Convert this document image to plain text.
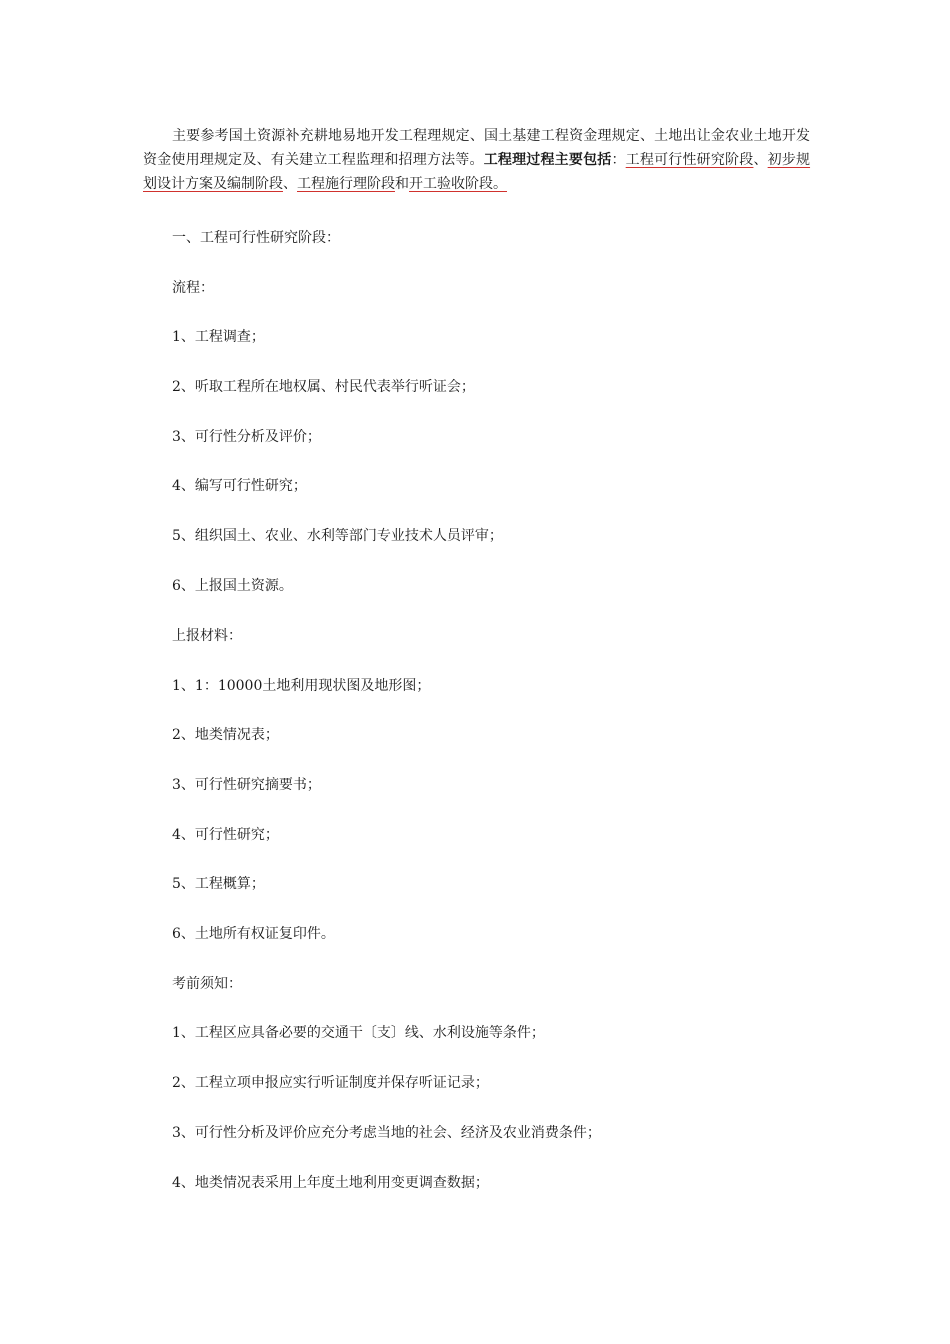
主要参考国土资源补充耕地易地开发工程理规定、国土基建工程资金理规定、土地出让金农业土地开发资金使用理规定及、有关建立工程监理和招理方法等。工程理过程主要包括：工程可行性研究阶段、初步规划设计方案及编制阶段、工程施行理阶段和开工验收阶段。

一、工程可行性研究阶段：

流程：

1、工程调查；

2、听取工程所在地权属、村民代表举行听证会；

3、可行性分析及评价；

4、编写可行性研究；

5、组织国土、农业、水利等部门专业技术人员评审；

6、上报国土资源。

上报材料：

1、1：10000土地利用现状图及地形图；

2、地类情况表；

3、可行性研究摘要书；

4、可行性研究；

5、工程概算；

6、土地所有权证复印件。

考前须知：

1、工程区应具备必要的交通干〔支〕线、水利设施等条件；

2、工程立项申报应实行听证制度并保存听证记录；

3、可行性分析及评价应充分考虑当地的社会、经济及农业消费条件；

4、地类情况表采用上年度土地利用变更调查数据；
